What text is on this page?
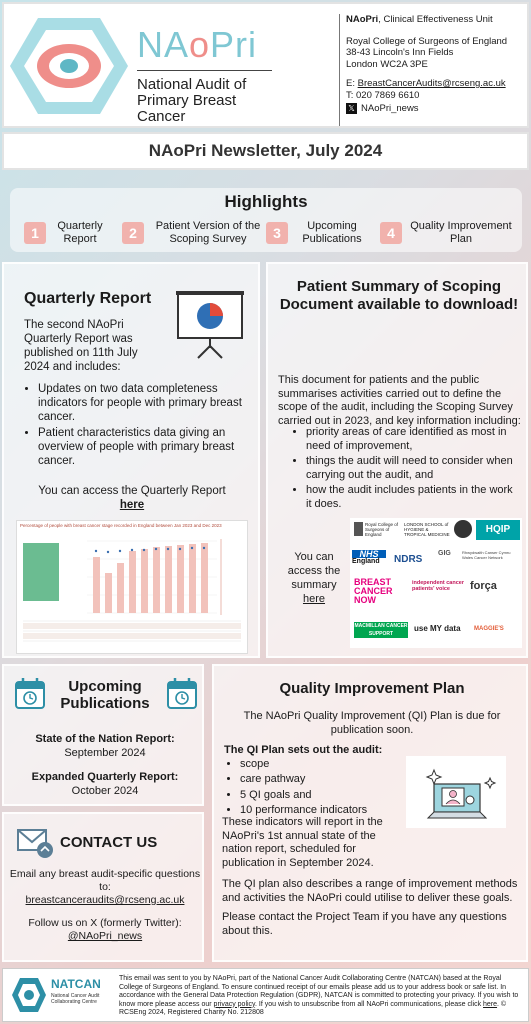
NAoPri
National Audit of
Primary Breast Cancer
NAoPri, Clinical Effectiveness Unit
Royal College of Surgeons of England
38-43 Lincoln's Inn Fields
London WC2A 3PE
E: BreastCancerAudits@rcseng.ac.uk
T: 020 7869 6610
𝕏 NAoPri_news
NAoPri Newsletter, July 2024
Highlights
1	Quarterly Report	2	Patient Version of the Scoping Survey	3	Upcoming Publications	4	Quality Improvement Plan
Quarterly Report
The second NAoPri Quarterly Report was published on 11th July 2024 and includes:
• Updates on two data completeness indicators for people with primary breast cancer.
• Patient characteristics data giving an overview of people with primary breast cancer.
You can access the Quarterly Report
here
Percentage of people with breast cancer stage recorded in England between Jan 2023 and Dec 2023
Patient Summary of Scoping Document available to download!
This document for patients and the public summarises activities carried out to define the scope of the audit, including the Scoping Survey carried out in 2023, and key information including:
• priority areas of care identified as most in need of improvement,
• things the audit will need to consider when carrying out the audit, and
• how the audit includes patients in the work it does.
You can access the summary
here
Royal College of Surgeons of England
LONDON SCHOOL of HYGIENE & TROPICAL MEDICINE	HQIP
NHS
England	NDRS
GIG	Rhwydwaith Canser Cymru Wales Cancer Network
BREAST CANCER NOW
independent cancer patients' voice	força
MACMILLAN CANCER SUPPORT
use MY data	MAGGIE'S
Upcoming Publications
State of the Nation Report:
September 2024
Expanded Quarterly Report:
October 2024
CONTACT US
Email any breast audit-specific questions to:
breastcanceraudits@rcseng.ac.uk
Follow us on X (formerly Twitter):
@NAoPri_news
Quality Improvement Plan
The NAoPri Quality Improvement (QI) Plan is due for publication soon.
The QI Plan sets out the audit:
• scope
• care pathway
• 5 QI goals and
• 10 performance indicators
These indicators will report in the NAoPri's 1st annual state of the nation report, scheduled for publication in September 2024.
The QI plan also describes a range of improvement methods and activities the NAoPri could utilise to deliver these goals.
Please contact the Project Team if you have any questions about this.
NATCAN
National Cancer Audit Collaborating Centre
This email was sent to you by NAoPri, part of the National Cancer Audit Collaborating Centre (NATCAN) based at the Royal College of Surgeons of England. To ensure continued receipt of our emails please add us to your address book or safe list. In accordance with the General Data Protection Regulation (GDPR), NATCAN is committed to protecting your privacy. If you wish to know more please access our privacy policy. If you wish to unsubscribe from all NAoPri communications, please click here. © RCSEng 2024, Registered Charity No. 212808
